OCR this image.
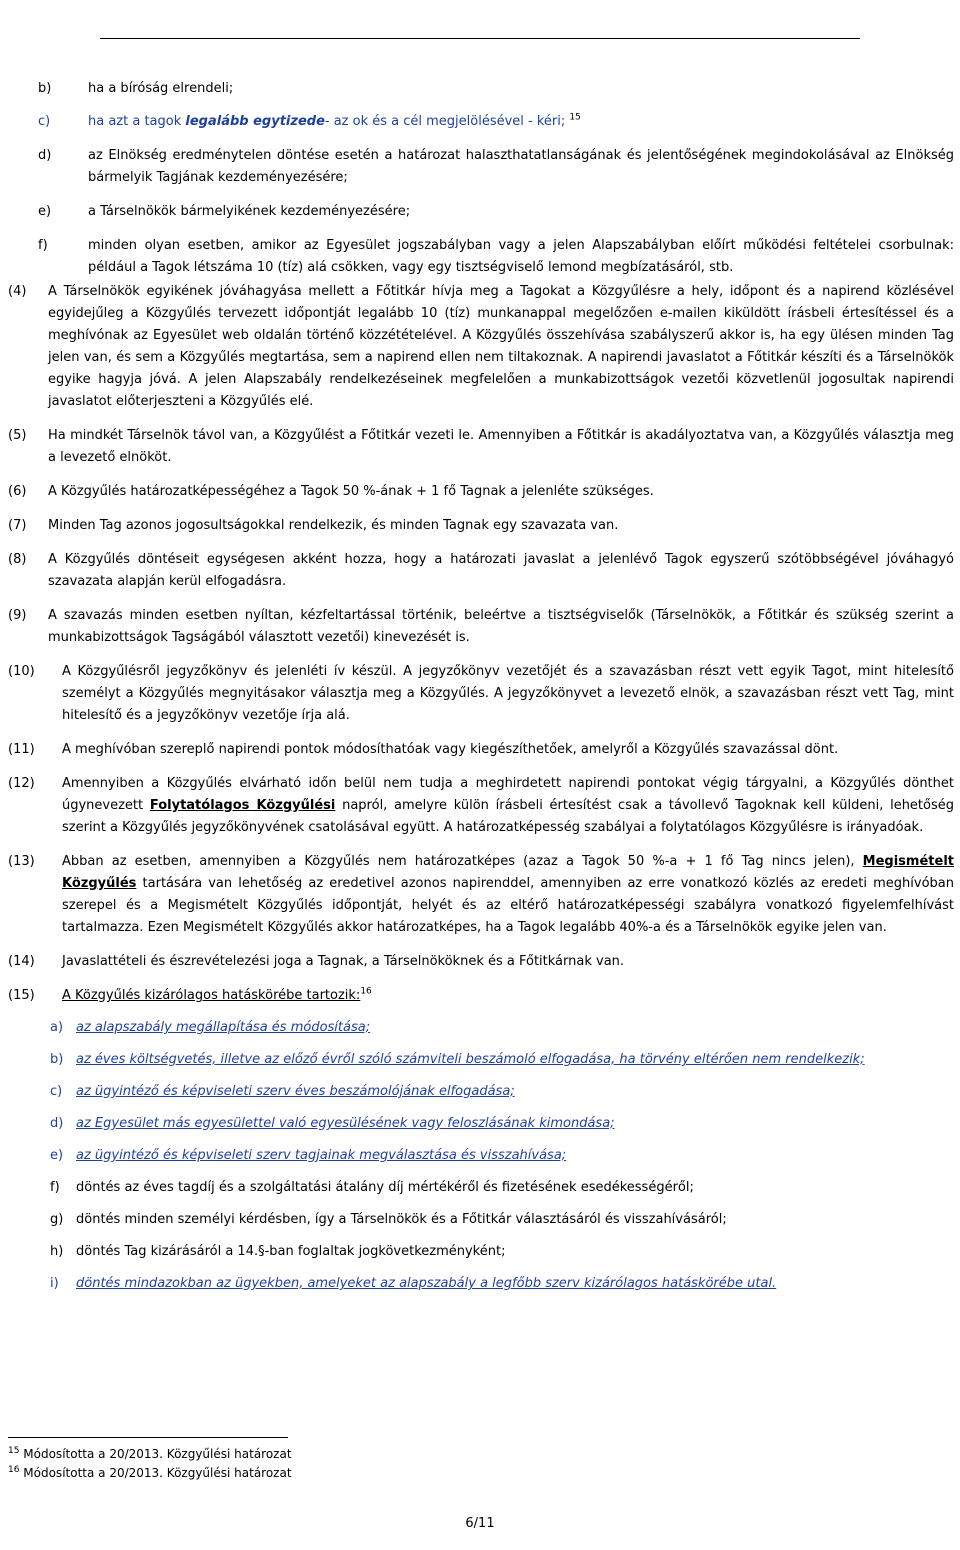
ECR Magyarország Egyesület – Alapszabály 2013. szeptember 06. napja
b)	ha a bíróság elrendeli;
c)	ha azt a tagok legalább egytizede- az ok és a cél megjelölésével - kéri; $^{15}$
d)	az Elnökség eredménytelen döntése esetén a határozat halaszthatatlanságának és jelentőségének megindokolásával az Elnökség bármelyik Tagjának kezdeményezésére;
e)	a Társelnökök bármelyikének kezdeményezésére;
f)	minden olyan esetben, amikor az Egyesület jogszabályban vagy a jelen Alapszabályban előírt működési feltételei csorbulnak: például a Tagok létszáma 10 (tíz) alá csökken, vagy egy tisztségviselő lemond megbízatásáról, stb.
(4) A Társelnökök egyikének jóváhagyása mellett a Főtitkár hívja meg a Tagokat a Közgyűlésre a hely, időpont és a napirend közlésével egyidejűleg a Közgyűlés tervezett időpontját legalább 10 (tíz) munkanappal megelőzően e-mailen kiküldött írásbeli értesítéssel és a meghívónak az Egyesület web oldalán történő közzétételével. A Közgyűlés összehívása szabályszerű akkor is, ha egy ülésen minden Tag jelen van, és sem a Közgyűlés megtartása, sem a napirend ellen nem tiltakoznak. A napirendi javaslatot a Főtitkár készíti és a Társelnökök egyike hagyja jóvá. A jelen Alapszabály rendelkezéseinek megfelelően a munkabizottságok vezetői közvetlenül jogosultak napirendi javaslatot előterjeszteni a Közgyűlés elé.
(5) Ha mindkét Társelnök távol van, a Közgyűlést a Főtitkár vezeti le. Amennyiben a Főtitkár is akadályoztatva van, a Közgyűlés választja meg a levezető elnököt.
(6) A Közgyűlés határozatképességéhez a Tagok 50 %-ának + 1 fő Tagnak a jelenléte szükséges.
(7) Minden Tag azonos jogosultságokkal rendelkezik, és minden Tagnak egy szavazata van.
(8) A Közgyűlés döntéseit egységesen akként hozza, hogy a határozati javaslat a jelenlévő Tagok egyszerű szótöbbségével jóváhagyó szavazata alapján kerül elfogadásra.
(9) A szavazás minden esetben nyíltan, kézfeltartással történik, beleértve a tisztségviselők (Társelnökök, a Főtitkár és szükség szerint a munkabizottságok Tagságából választott vezetői) kinevezését is.
(10) A Közgyűlésről jegyzőkönyv és jelenléti ív készül. A jegyzőkönyv vezetőjét és a szavazásban részt vett egyik Tagot, mint hitelesítő személyt a Közgyűlés megnyitásakor választja meg a Közgyűlés. A jegyzőkönyvet a levezető elnök, a szavazásban részt vett Tag, mint hitelesítő és a jegyzőkönyv vezetője írja alá.
(11) A meghívóban szereplő napirendi pontok módosíthatóak vagy kiegészíthetőek, amelyről a Közgyűlés szavazással dönt.
(12) Amennyiben a Közgyűlés elvárható időn belül nem tudja a meghirdetett napirendi pontokat végig tárgyalni, a Közgyűlés dönthet úgynevezett Folytatólagos Közgyűlési napról, amelyre külön írásbeli értesítést csak a távollevő Tagoknak kell küldeni, lehetőség szerint a Közgyűlés jegyzőkönyvének csatolásával együtt. A határozatképesség szabályai a folytatólagos Közgyűlésre is irányadóak.
(13) Abban az esetben, amennyiben a Közgyűlés nem határozatképes (azaz a Tagok 50 %-a + 1 fő Tag nincs jelen), Megismételt Közgyűlés tartására van lehetőség az eredetivel azonos napirenddel, amennyiben az erre vonatkozó közlés az eredeti meghívóban szerepel és a Megismételt Közgyűlés időpontját, helyét és az eltérő határozatképességi szabályra vonatkozó figyelemfelhívást tartalmazza. Ezen Megismételt Közgyűlés akkor határozatképes, ha a Tagok legalább 40%-a és a Társelnökök egyike jelen van.
(14) Javaslattételi és észrevételezési joga a Tagnak, a Társelnököknek és a Főtitkárnak van.
(15) A Közgyűlés kizárólagos hatáskörébe tartozik:$^{16}$
a) az alapszabály megállapítása és módosítása;
b) az éves költségvetés, illetve az előző évről szóló számviteli beszámoló elfogadása, ha törvény eltérően nem rendelkezik;
c) az ügyintéző és képviseleti szerv éves beszámolójának elfogadása;
d) az Egyesület más egyesülettel való egyesülésének vagy feloszlásának kimondása;
e) az ügyintéző és képviseleti szerv tagjainak megválasztása és visszahívása;
f) döntés az éves tagdíj és a szolgáltatási átalány díj mértékéről és fizetésének esedékességéről;
g) döntés minden személyi kérdésben, így a Társelnökök és a Főtitkár választásáról és visszahívásáról;
h) döntés Tag kizárásáról a 14.§-ban foglaltak jogkövetkezményként;
i) döntés mindazokban az ügyekben, amelyeket az alapszabály a legfőbb szerv kizárólagos hatáskörébe utal.
$^{15}$ Módosította a 20/2013. Közgyűlési határozat
$^{16}$ Módosította a 20/2013. Közgyűlési határozat
6/11
